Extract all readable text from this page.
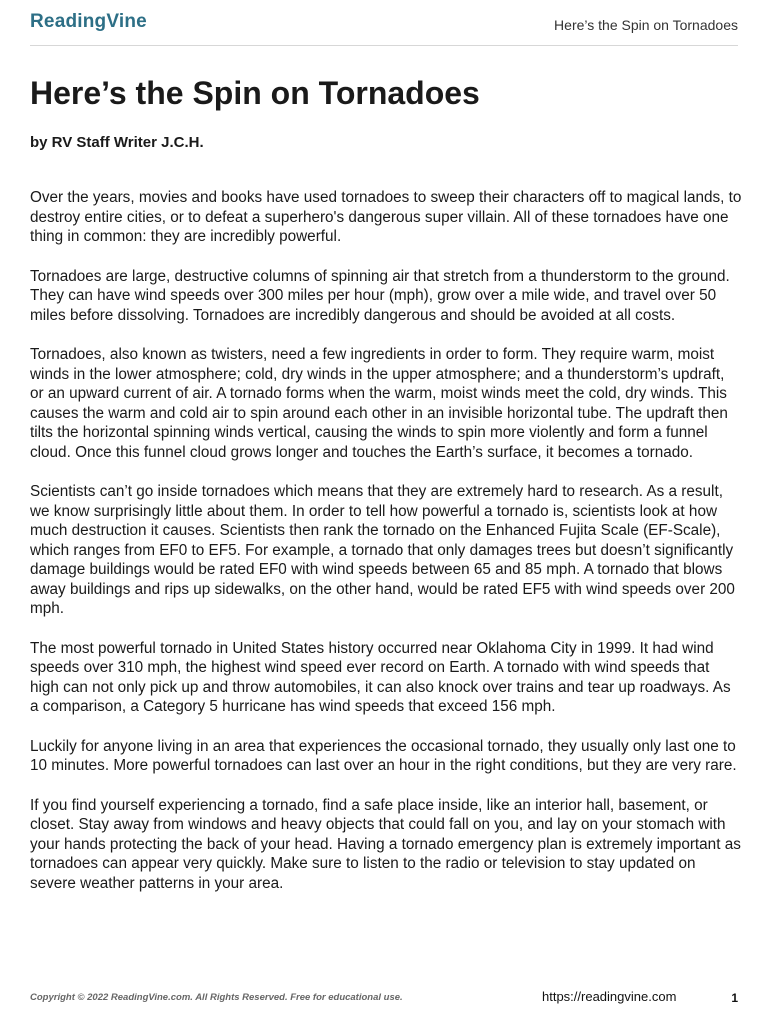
ReadingVine	Here’s the Spin on Tornadoes
Here’s the Spin on Tornadoes
by RV Staff Writer J.C.H.

Over the years, movies and books have used tornadoes to sweep their characters off to magical lands, to destroy entire cities, or to defeat a superhero's dangerous super villain. All of these tornadoes have one thing in common: they are incredibly powerful.

Tornadoes are large, destructive columns of spinning air that stretch from a thunderstorm to the ground. They can have wind speeds over 300 miles per hour (mph), grow over a mile wide, and travel over 50 miles before dissolving. Tornadoes are incredibly dangerous and should be avoided at all costs.

Tornadoes, also known as twisters, need a few ingredients in order to form. They require warm, moist winds in the lower atmosphere; cold, dry winds in the upper atmosphere; and a thunderstorm’s updraft, or an upward current of air. A tornado forms when the warm, moist winds meet the cold, dry winds. This causes the warm and cold air to spin around each other in an invisible horizontal tube. The updraft then tilts the horizontal spinning winds vertical, causing the winds to spin more violently and form a funnel cloud. Once this funnel cloud grows longer and touches the Earth’s surface, it becomes a tornado.

Scientists can’t go inside tornadoes which means that they are extremely hard to research. As a result, we know surprisingly little about them. In order to tell how powerful a tornado is, scientists look at how much destruction it causes. Scientists then rank the tornado on the Enhanced Fujita Scale (EF-Scale), which ranges from EF0 to EF5. For example, a tornado that only damages trees but doesn’t significantly damage buildings would be rated EF0 with wind speeds between 65 and 85 mph. A tornado that blows away buildings and rips up sidewalks, on the other hand, would be rated EF5 with wind speeds over 200 mph.

The most powerful tornado in United States history occurred near Oklahoma City in 1999. It had wind speeds over 310 mph, the highest wind speed ever record on Earth. A tornado with wind speeds that high can not only pick up and throw automobiles, it can also knock over trains and tear up roadways. As a comparison, a Category 5 hurricane has wind speeds that exceed 156 mph.

Luckily for anyone living in an area that experiences the occasional tornado, they usually only last one to 10 minutes. More powerful tornadoes can last over an hour in the right conditions, but they are very rare.

If you find yourself experiencing a tornado, find a safe place inside, like an interior hall, basement, or closet. Stay away from windows and heavy objects that could fall on you, and lay on your stomach with your hands protecting the back of your head. Having a tornado emergency plan is extremely important as tornadoes can appear very quickly. Make sure to listen to the radio or television to stay updated on severe weather patterns in your area.

Copyright © 2022 ReadingVine.com. All Rights Reserved. Free for educational use.	https://readingvine.com	1
